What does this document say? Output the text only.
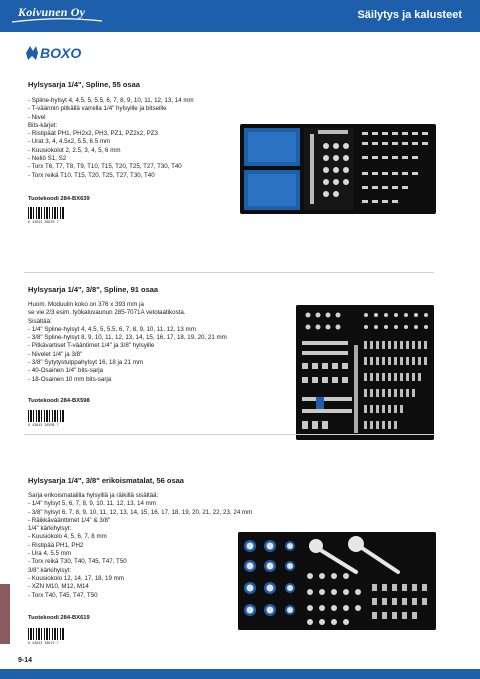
Koivunen Oy	Säilytys ja kalusteet
BOXO
Hylsysarja 1/4", Spline, 55 osaa
- Spline-hylsyt 4, 4.5, 5, 5.5, 6, 7, 8, 9, 10, 11, 12, 13, 14 mm
- T-väännin pitkällä varrella 1/4" hylsyille ja bitseille
- Nivel
Bits-kärjet:
- Ristipäät PH1, PH2x2, PH3, PZ1, PZ2x2, PZ3
- Urat 3, 4, 4.5x2, 5.5, 6.5 mm
- Kuusiokolot 2, 2.5, 3, 4, 5, 6 mm
- Neliö S1, S2
- Torx T6, T7, T8, T9, T10, T15, T20, T25, T27, T30, T40
- Torx reikä T10, T15, T20, T25, T27, T30, T40
Tuotekoodi 284-BX639
6 43643 28639 7
Hylsysarja 1/4", 3/8", Spline, 91 osaa
Huom. Moduulin koko on 376 x 393 mm ja
se vie 2/3 esim. työkaluvaunun 285-7071A vetolaatikosta.
Sisältää:
- 1/4" Spline-hylsyt 4, 4.5, 5, 5.5, 6, 7, 8, 9, 10, 11, 12, 13 mm
- 3/8" Spline-hylsyt 8, 9, 10, 11, 12, 13, 14, 15, 16, 17, 18, 19, 20, 21 mm
- Pitkävartiset T-vääntimet 1/4" ja 3/8" hylsyille
- Nivelet 1/4" ja 3/8"
- 3/8" Sytytystulppahylsyt 16, 18 ja 21 mm
- 40-Osainen 1/4" bits-sarja
- 18-Osainen 10 mm bits-sarja
Tuotekoodi 284-BX598
6 43643 28598 7
Hylsysarja 1/4", 3/8" erikoismatalat, 56 osaa
Sarja erikoismatalilla hylsyillä ja räikillä sisältää:
- 1/4" hylsyt 5, 6, 7, 8, 9, 10, 11, 12, 13, 14 mm
- 3/8" hylsyt 6, 7, 8, 9, 10, 11, 12, 13, 14, 15, 16, 17, 18, 19, 20, 21, 22, 23, 24 mm
- Räikkäväänttimet 1/4" & 3/8"
1/4" kärkihylsyt:
- Kuusiokolo 4, 5, 6, 7, 8 mm
- Ristipää PH1, PH2
- Ura 4, 5.5 mm
- Torx reikä T30, T40, T45, T47, T50
3/8" kärkihylsyt:
- Kuusiokolo 12, 14, 17, 18, 19 mm
- XZN M10, M12, M14
- Torx T40, T45, T47, T50
Tuotekoodi 284-BX619
6 43643 28619 7
9-14
